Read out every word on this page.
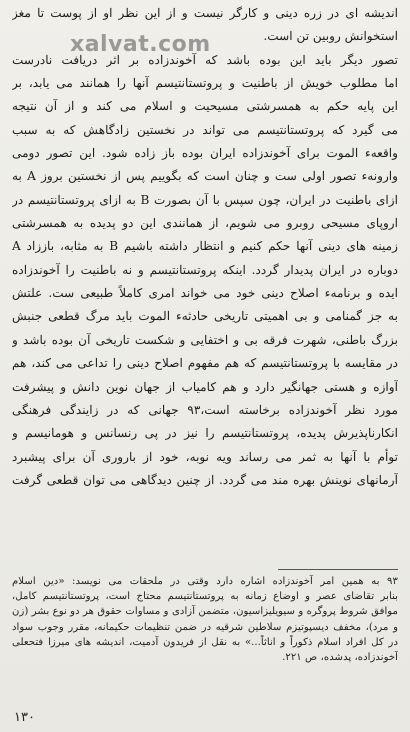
xalvat.com
اندیشه ای در زره دینی و کارگر نیست و از این نظر او از پوست تا مغز
استخوانش روبین تن است.
تصور دیگر باید این بوده باشد که آخوندزاده بر اثر دریافت نادرست
اما مطلوب خویش از باطنیت و پروتستانتیسم آنها را همانند می یابد، بر
این پایه حکم به همسرشتی مسیحیت و اسلام می کند و از آن نتیجه
می گیرد که پروتستانتیسم می تواند در نخستین زادگاهش که به سبب
واقعهء الموت برای آخوندزاده ایران بوده باز زاده شود. این تصور دومی
وارونهء تصور اولی ست و چنان است که بگوییم پس از نخستین بروز A به
ازای باطنیت در ایران، چون سپس با آن بصورت B به ازای پروتستانتیسم در
اروپای مسیحی روبرو می شویم، از همانندی این دو پدیده به همسرشتی
زمینه های دینی آنها حکم کنیم و انتظار داشته باشیم B به مثابه، باززاد A
دوباره در ایران پدیدار گردد. اینکه پروتستانتیسم و نه باطنیت را آخوندزاده
ایده و برنامهء اصلاح دینی خود می خواند امری کاملاً طبیعی ست. علتش
به جز گمنامی و بی اهمیتی تاریخی حادثهء الموت باید مرگ قطعی جنبش
بزرگ باطنی، شهرت فرقه بی و اختفایی و شکست تاریخی آن بوده باشد و
در مقایسه با پروتستانتیسم که هم مفهوم اصلاح دینی را تداعی می کند، هم
آوازه و هستی جهانگیر دارد و هم کامیاب از جهان نوین دانش و پیشرفت
مورد نظر آخوندزاده برخاسته است،۹۳ جهانی که در زایندگی فرهنگی
انکارناپذیرش پدیده، پروتستانتیسم را نیز در پی رنسانس و هومانیسم و
توأم با آنها به ثمر می رساند ویه نوبه، خود از باروری آن برای پیشبرد
آرمانهای نوینش بهره مند می گردد. از چنین دیدگاهی می توان قطعی گرفت
۹۳ به همین امر آخوندزاده اشاره دارد وقتی در ملحقات می نویسد: «دین اسلام
بنابر تقاضای عصر و اوضاع زمانه به پروتستانتیسم محتاج است، پروتستانتیسم کامل،
موافق شروط پروگره و سیویلیزاسیون، متضمن آزادی و مساوات حقوق هر دو نوع بشر (زن
و مرد)، مخفف دیسپوتیزم سلاطین شرقیه در ضمن تنظیمات حکیمانه، مقرر وجوب سواد
در کل افراد اسلام ذکوراً و اناثاً...» به نقل از فریدون آدمیت، اندیشه های میرزا فتحعلی
آخوندزاده، پدشده، ص ۲۲۱.
۱۳۰
